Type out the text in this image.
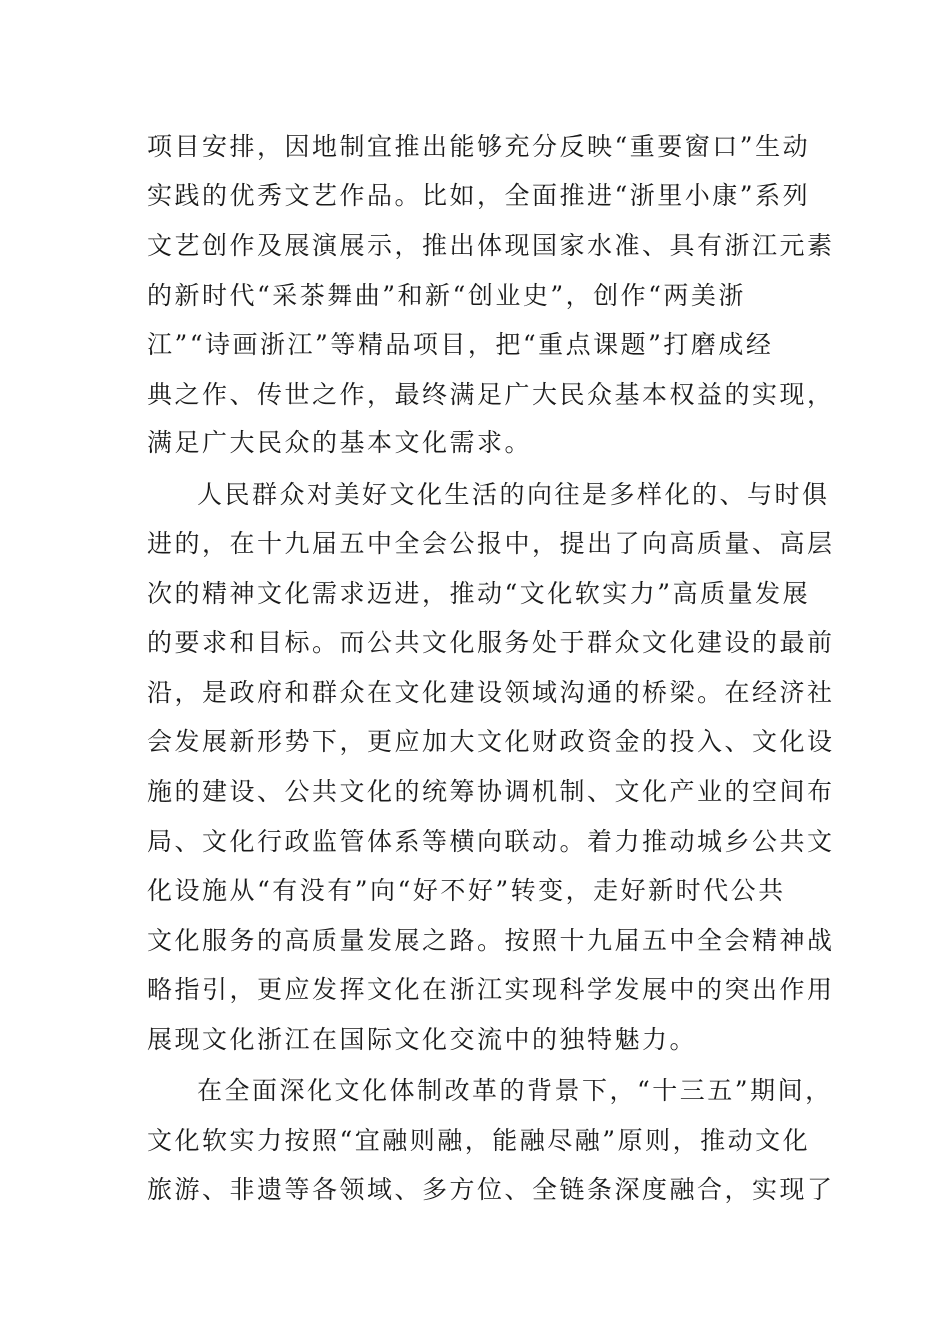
项目安排，因地制宜推出能够充分反映“重要窗口”生动
实践的优秀文艺作品。比如，全面推进“浙里小康”系列
文艺创作及展演展示，推出体现国家水准、具有浙江元素
的新时代“采茶舞曲”和新“创业史”，创作“两美浙
江”“诗画浙江”等精品项目，把“重点课题”打磨成经
典之作、传世之作，最终满足广大民众基本权益的实现，
满足广大民众的基本文化需求。
人民群众对美好文化生活的向往是多样化的、与时俱
进的，在十九届五中全会公报中，提出了向高质量、高层
次的精神文化需求迈进，推动“文化软实力”高质量发展
的要求和目标。而公共文化服务处于群众文化建设的最前
沿，是政府和群众在文化建设领域沟通的桥梁。在经济社
会发展新形势下，更应加大文化财政资金的投入、文化设
施的建设、公共文化的统筹协调机制、文化产业的空间布
局、文化行政监管体系等横向联动。着力推动城乡公共文
化设施从“有没有”向“好不好”转变，走好新时代公共
文化服务的高质量发展之路。按照十九届五中全会精神战
略指引，更应发挥文化在浙江实现科学发展中的突出作用
展现文化浙江在国际文化交流中的独特魅力。
在全面深化文化体制改革的背景下，“十三五”期间，
文化软实力按照“宜融则融，能融尽融”原则，推动文化
旅游、非遗等各领域、多方位、全链条深度融合，实现了
